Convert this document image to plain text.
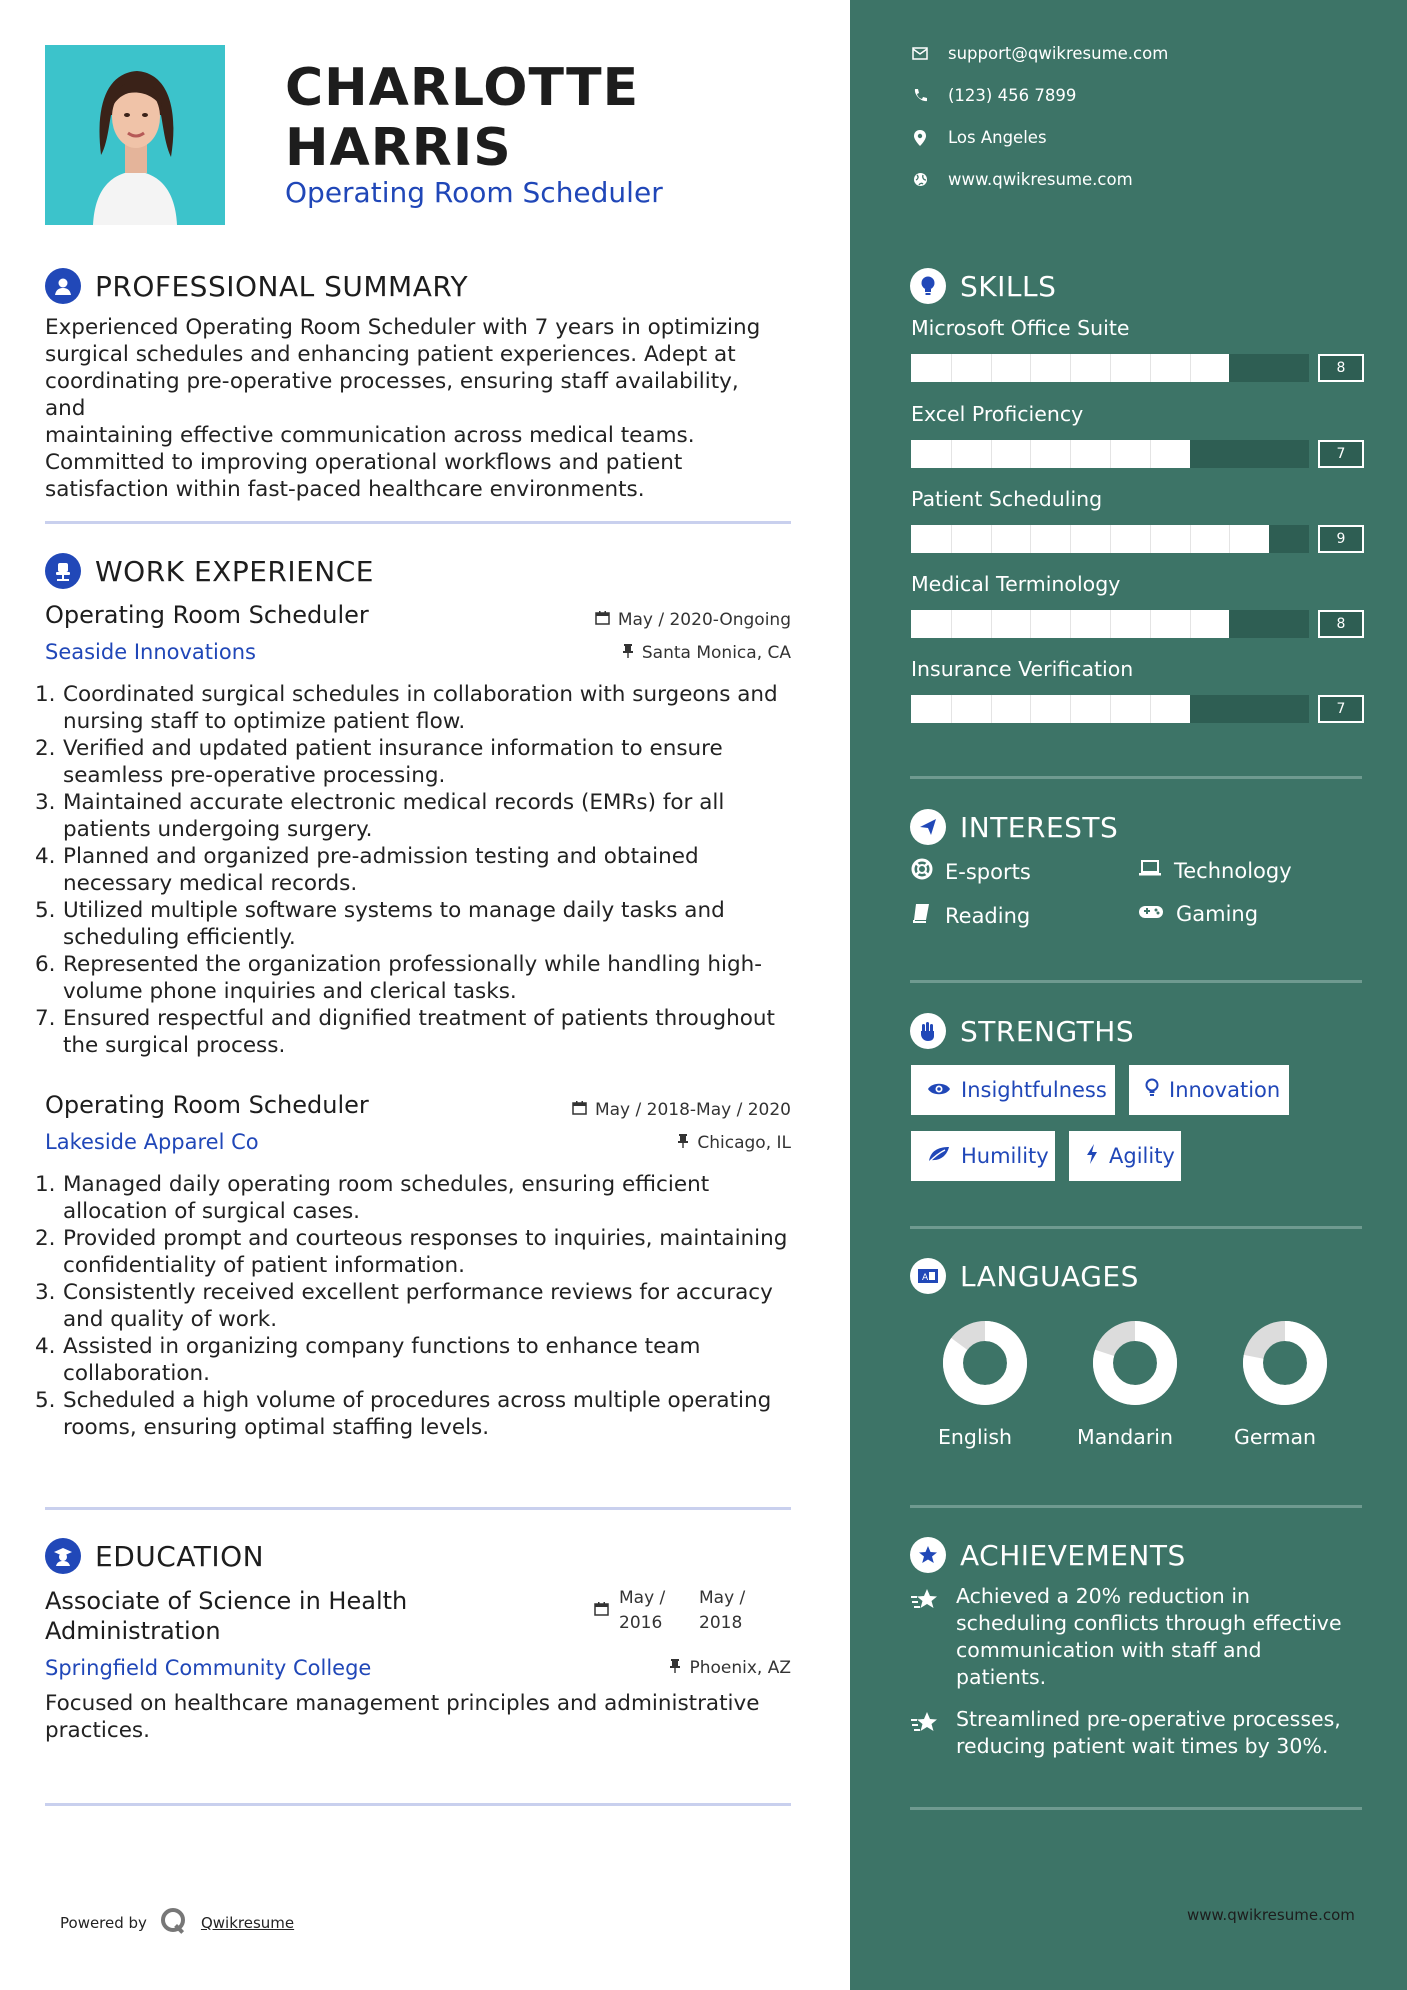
CHARLOTTE
HARRIS
Operating Room Scheduler
PROFESSIONAL SUMMARY
Experienced Operating Room Scheduler with 7 years in optimizing
surgical schedules and enhancing patient experiences. Adept at
coordinating pre-operative processes, ensuring staff availability, and
maintaining effective communication across medical teams.
Committed to improving operational workflows and patient
satisfaction within fast-paced healthcare environments.
WORK EXPERIENCE
Operating Room Scheduler
Seaside Innovations
May / 2020-Ongoing
Santa Monica, CA
1. Coordinated surgical schedules in collaboration with surgeons and
nursing staff to optimize patient flow.
2. Verified and updated patient insurance information to ensure
seamless pre-operative processing.
3. Maintained accurate electronic medical records (EMRs) for all
patients undergoing surgery.
4. Planned and organized pre-admission testing and obtained
necessary medical records.
5. Utilized multiple software systems to manage daily tasks and
scheduling efficiently.
6. Represented the organization professionally while handling high-
volume phone inquiries and clerical tasks.
7. Ensured respectful and dignified treatment of patients throughout
the surgical process.
Operating Room Scheduler
Lakeside Apparel Co
May / 2018-May / 2020
Chicago, IL
1. Managed daily operating room schedules, ensuring efficient
allocation of surgical cases.
2. Provided prompt and courteous responses to inquiries, maintaining
confidentiality of patient information.
3. Consistently received excellent performance reviews for accuracy
and quality of work.
4. Assisted in organizing company functions to enhance team
collaboration.
5. Scheduled a high volume of procedures across multiple operating
rooms, ensuring optimal staffing levels.
EDUCATION
Associate of Science in Health
Administration
Springfield Community College
May /
2016
May /
2018
Phoenix, AZ
Focused on healthcare management principles and administrative
practices.
Powered by	Qwikresume
support@qwikresume.com
(123) 456 7899
Los Angeles
www.qwikresume.com
SKILLS
Microsoft Office Suite
8
Excel Proficiency
7
Patient Scheduling
9
Medical Terminology
8
Insurance Verification
7
INTERESTS
E-sports	Technology
Reading	Gaming
STRENGTHS
Insightfulness	Innovation
Humility	Agility
A LANGUAGES
English	Mandarin	German
ACHIEVEMENTS
Achieved a 20% reduction in
scheduling conflicts through effective
communication with staff and
patients.
Streamlined pre-operative processes,
reducing patient wait times by 30%.
www.qwikresume.com
